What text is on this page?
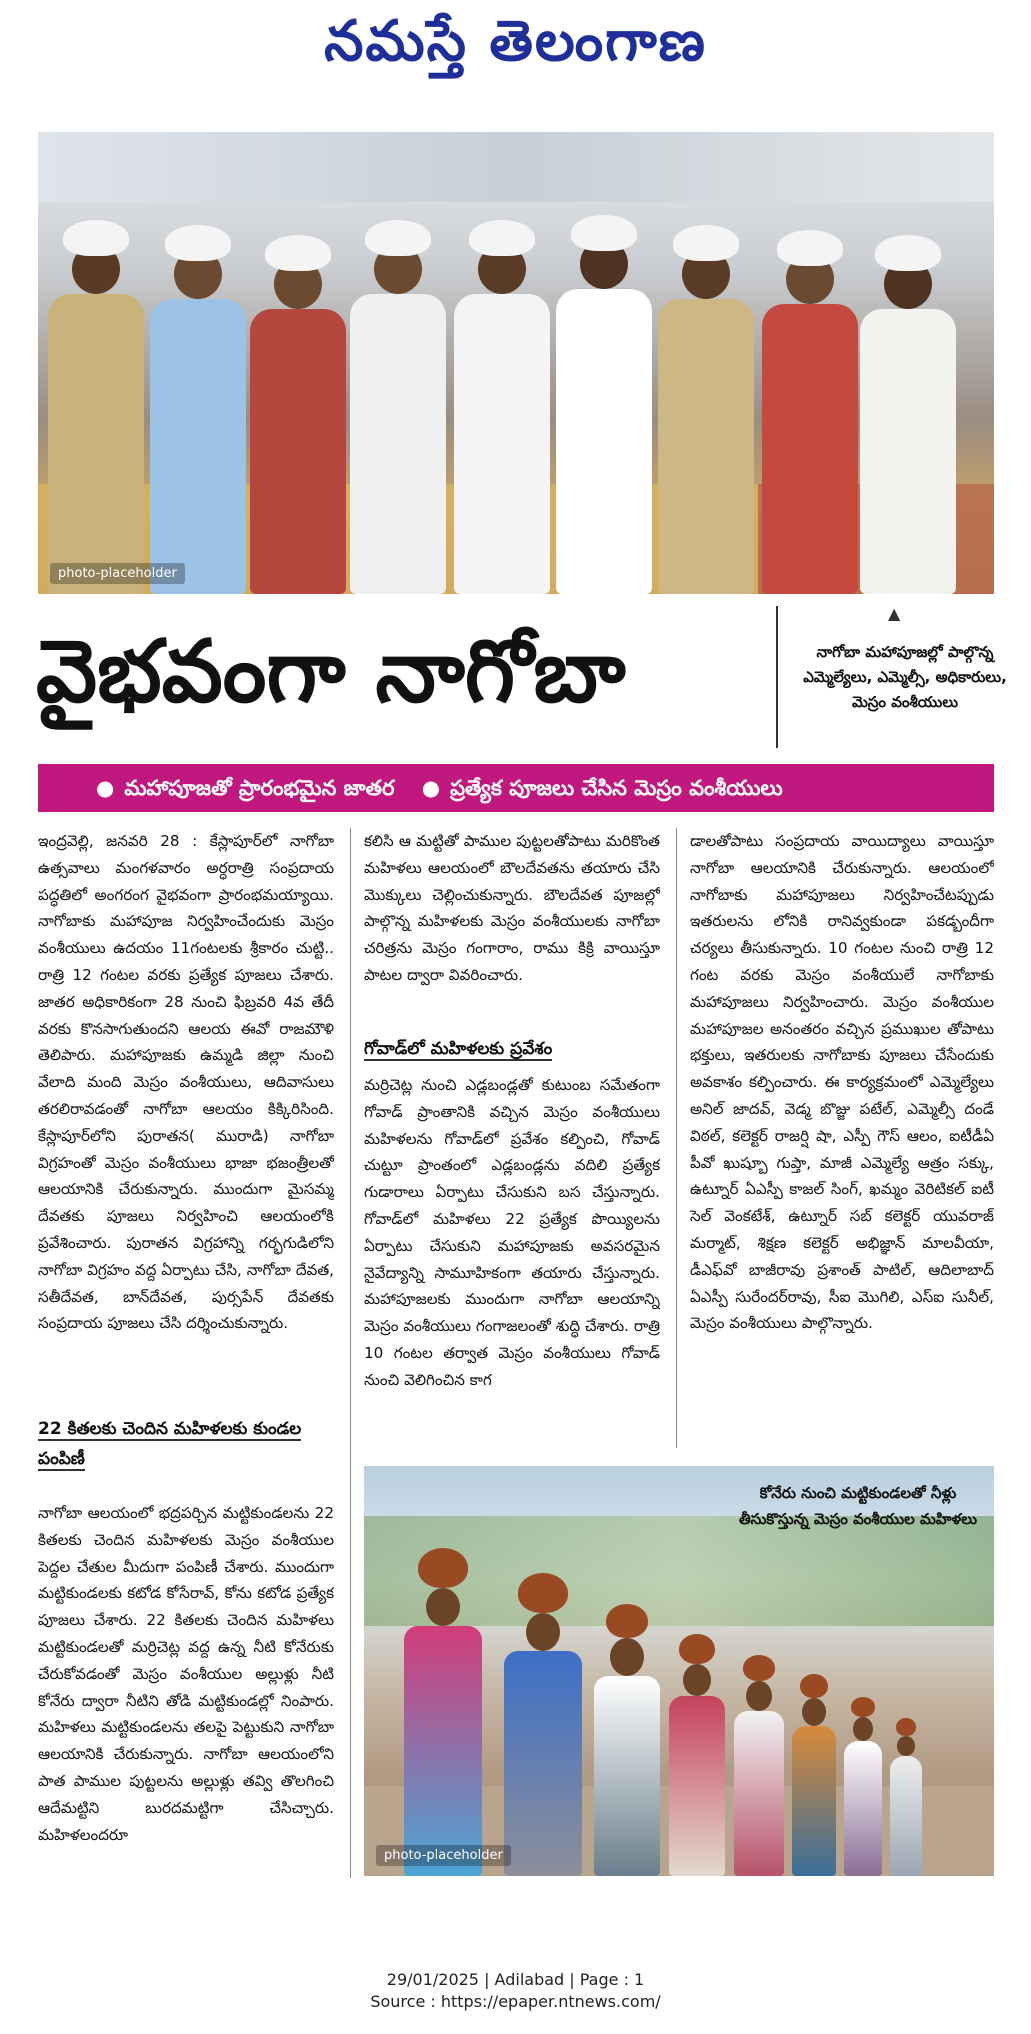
నమస్తే తెలంగాణ
photo-placeholder
వైభవంగా నాగోబా
▲
నాగోబా మహాపూజల్లో పాల్గొన్న ఎమ్మెల్యేలు, ఎమ్మెల్సీ, అధికారులు, మెస్రం వంశీయులు
● మహాపూజతో ప్రారంభమైన జాతర ● ప్రత్యేక పూజలు చేసిన మెస్రం వంశీయులు

ఇంద్రవెల్లి, జనవరి 28 : కేస్లాపూర్‌లో నాగోబా ఉత్సవాలు మంగళవారం అర్ధరాత్రి సంప్రదాయ పద్ధతిలో అంగరంగ వైభవంగా ప్రారంభమయ్యాయి. నాగోబాకు మహాపూజ నిర్వహించేందుకు మెస్రం వంశీయులు ఉదయం 11గంటలకు శ్రీకారం చుట్టి.. రాత్రి 12 గంటల వరకు ప్రత్యేక పూజలు చేశారు. జాతర అధికారికంగా 28 నుంచి ఫిబ్రవరి 4వ తేదీ వరకు కొనసాగుతుందని ఆలయ ఈవో రాజమౌళి తెలిపారు. మహాపూజకు ఉమ్మడి జిల్లా నుంచి వేలాది మంది మెస్రం వంశీయులు, ఆదివాసులు తరలిరావడంతో నాగోబా ఆలయం కిక్కిరిసింది. కేస్లాపూర్‌లోని పురాతన( మురాడి) నాగోబా విగ్రహంతో మెస్రం వంశీయులు భాజా భజంత్రీలతో ఆలయానికి చేరుకున్నారు. ముందుగా మైసమ్మ దేవతకు పూజలు నిర్వహించి ఆలయంలోకి ప్రవేశించారు. పురాతన విగ్రహాన్ని గర్భగుడిలోని నాగోబా విగ్రహం వద్ద ఏర్పాటు చేసి, నాగోబా దేవత, సతీదేవత, బాన్‌దేవత, పుర్సపేన్ దేవతకు సంప్రదాయ పూజలు చేసి దర్శించుకున్నారు.

22 కితలకు చెందిన మహిళలకు కుండల పంపిణీ

నాగోబా ఆలయంలో భద్రపర్చిన మట్టికుండలను 22 కితలకు చెందిన మహిళలకు మెస్రం వంశీయుల పెద్దల చేతుల మీదుగా పంపిణీ చేశారు. ముందుగా మట్టికుండలకు కటోడ కోసేరావ్, కోను కటోడ ప్రత్యేక పూజలు చేశారు. 22 కితలకు చెందిన మహిళలు మట్టికుండలతో మర్రిచెట్ల వద్ద ఉన్న నీటి కోనేరుకు చేరుకోవడంతో మెస్రం వంశీయుల అల్లుళ్లు నీటి కోనేరు ద్వారా నీటిని తోడి మట్టికుండల్లో నింపారు. మహిళలు మట్టికుండలను తలపై పెట్టుకుని నాగోబా ఆలయానికి చేరుకున్నారు. నాగోబా ఆలయంలోని పాత పాముల పుట్టలను అల్లుళ్లు తవ్వి తొలగించి ఆదేమట్టిని బురదమట్టిగా చేసిచ్చారు. మహిళలందరూ

కలిసి ఆ మట్టితో పాముల పుట్టలతోపాటు మరికొంత మహిళలు ఆలయంలో బౌలదేవతను తయారు చేసి మొక్కులు చెల్లించుకున్నారు. బౌలదేవత పూజల్లో పాల్గొన్న మహిళలకు మెస్రం వంశీయులకు నాగోబా చరిత్రను మెస్రం గంగారాం, రాము కిక్రి వాయిస్తూ పాటల ద్వారా వివరించారు.

గోవాడ్‌లో మహిళలకు ప్రవేశం

మర్రిచెట్ల నుంచి ఎడ్లబండ్లతో కుటుంబ సమేతంగా గోవాడ్ ప్రాంతానికి వచ్చిన మెస్రం వంశీయులు మహిళలను గోవాడ్‌లో ప్రవేశం కల్పించి, గోవాడ్ చుట్టూ ప్రాంతంలో ఎడ్లబండ్లను వదిలి ప్రత్యేక గుడారాలు ఏర్పాటు చేసుకుని బస చేస్తున్నారు. గోవాడ్‌లో మహిళలు 22 ప్రత్యేక పొయ్యిలను ఏర్పాటు చేసుకుని మహాపూజకు అవసరమైన నైవేద్యాన్ని సామూహికంగా తయారు చేస్తున్నారు. మహాపూజలకు ముందుగా నాగోబా ఆలయాన్ని మెస్రం వంశీయులు గంగాజలంతో శుద్ధి చేశారు. రాత్రి 10 గంటల తర్వాత మెస్రం వంశీయులు గోవాడ్ నుంచి వెలిగించిన కాగ

డాలతోపాటు సంప్రదాయ వాయిద్యాలు వాయిస్తూ నాగోబా ఆలయానికి చేరుకున్నారు. ఆలయంలో నాగోబాకు మహాపూజలు నిర్వహించేటప్పుడు ఇతరులను లోనికి రానివ్వకుండా పకడ్బందీగా చర్యలు తీసుకున్నారు. 10 గంటల నుంచి రాత్రి 12 గంట వరకు మెస్రం వంశీయులే నాగోబాకు మహాపూజలు నిర్వహించారు. మెస్రం వంశీయుల మహాపూజల అనంతరం వచ్చిన ప్రముఖుల తోపాటు భక్తులు, ఇతరులకు నాగోబాకు పూజలు చేసేందుకు అవకాశం కల్పించారు. ఈ కార్యక్రమంలో ఎమ్మెల్యేలు అనిల్ జాదవ్, వెడ్మ బొజ్జు పటేల్, ఎమ్మెల్సీ దండే విఠల్, కలెక్టర్ రాజర్షి షా, ఎస్పీ గౌస్ ఆలం, ఐటీడీఏ పీవో ఖుష్బూ గుప్తా, మాజీ ఎమ్మెల్యే ఆత్రం సక్కు, ఉట్నూర్ ఏఎస్పీ కాజల్ సింగ్, ఖమ్మం వెరిటికల్ ఐటీ సెల్ వెంకటేశ్, ఉట్నూర్ సబ్ కలెక్టర్ యువరాజ్ మర్మాట్, శిక్షణ కలెక్టర్ అభిజ్ఞాన్ మాలవీయా, డీఎఫ్‌వో బాజీరావు ప్రశాంత్ పాటిల్, ఆదిలాబాద్ ఏఎస్పీ సురేందర్‌రావు, సీఐ మొగిలి, ఎస్ఐ సునీల్, మెస్రం వంశీయులు పాల్గొన్నారు.

కోనేరు నుంచి మట్టికుండలతో నీళ్లు తీసుకొస్తున్న మెస్రం వంశీయుల మహిళలు
photo-placeholder
29/01/2025 | Adilabad | Page : 1
Source : https://epaper.ntnews.com/
